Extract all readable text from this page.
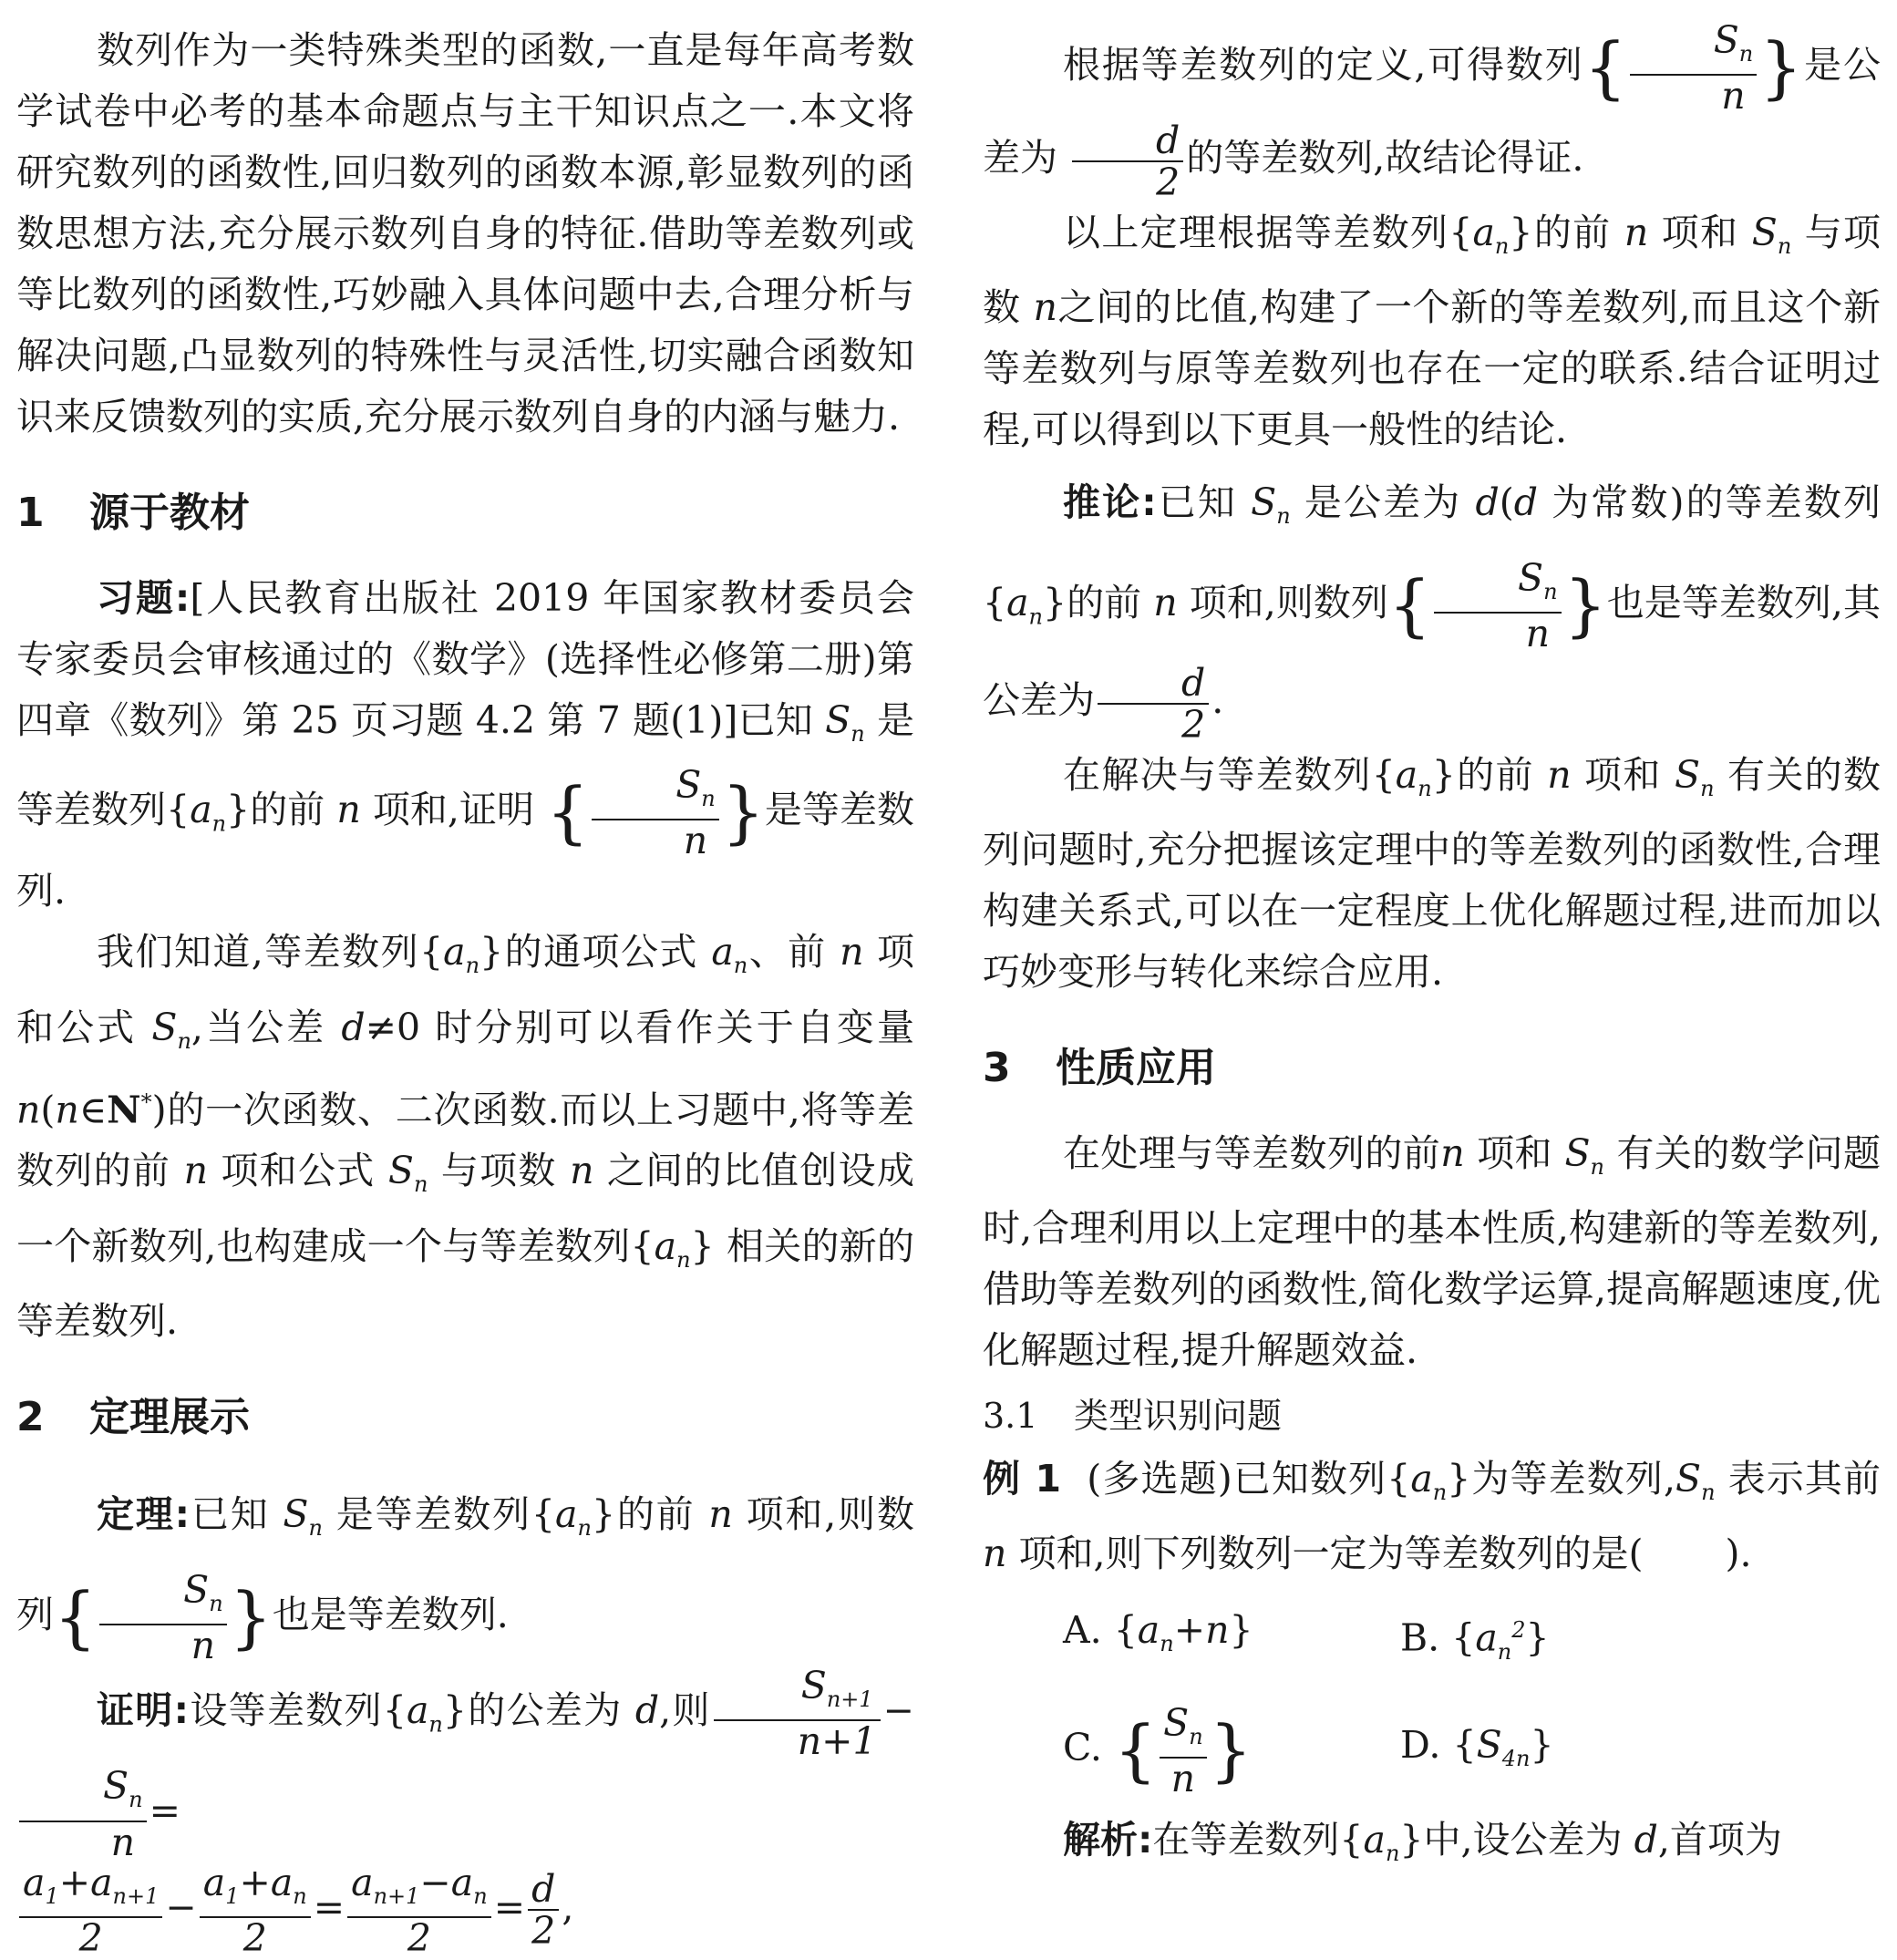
数列作为一类特殊类型的函数,一直是每年高考数学试卷中必考的基本命题点与主干知识点之一.本文将研究数列的函数性,回归数列的函数本源,彰显数列的函数思想方法,充分展示数列自身的特征.借助等差数列或等比数列的函数性,巧妙融入具体问题中去,合理分析与解决问题,凸显数列的特殊性与灵活性,切实融合函数知识来反馈数列的实质,充分展示数列自身的内涵与魅力.

1 源于教材

习题:[人民教育出版社 2019 年国家教材委员会专家委员会审核通过的《数学》(选择性必修第二册)第四章《数列》第 25 页习题 4.2 第 7 题(1)]已知 $S_n$ 是等差数列$\{a_n\}$的前 n 项和,证明 { $\frac{S_n}{n}$ }是等差数列.

我们知道,等差数列$\{a_n\}$的通项公式 $a_n$、前 n 项和公式 $S_n$,当公差 d≠0 时分别可以看作关于自变量 n(n∈N*)的一次函数、二次函数.而以上习题中,将等差数列的前 n 项和公式 $S_n$ 与项数 n 之间的比值创设成一个新数列,也构建成一个与等差数列$\{a_n\}$ 相关的新的等差数列.

2 定理展示

定理:已知 $S_n$ 是等差数列$\{a_n\}$的前 n 项和,则数列{ $\frac{S_n}{n}$ }也是等差数列.

证明:设等差数列$\{a_n\}$的公差为 d,则 $\frac{S_{n+1}}{n+1}$ −
$\frac{S_n}{n}$ =

$\frac{a_1+a_{n+1}}{2} - \frac{a_1+a_n}{2} = \frac{a_{n+1}-a_n}{2} = \frac{d}{2}$ ,

根据等差数列的定义,可得数列{ $\frac{S_n}{n}$ }是公差为 $\frac{d}{2}$ 的等差数列,故结论得证.

以上定理根据等差数列$\{a_n\}$的前 n 项和 $S_n$ 与项数 n之间的比值,构建了一个新的等差数列,而且这个新等差数列与原等差数列也存在一定的联系.结合证明过程,可以得到以下更具一般性的结论.

推论:已知 $S_n$ 是公差为 d(d 为常数)的等差数列$\{a_n\}$的前 n 项和,则数列{ $\frac{S_n}{n}$ }也是等差数列,其公差为 $\frac{d}{2}$ .

在解决与等差数列$\{a_n\}$的前 n 项和 $S_n$ 有关的数列问题时,充分把握该定理中的等差数列的函数性,合理构建关系式,可以在一定程度上优化解题过程,进而加以巧妙变形与转化来综合应用.

3 性质应用

在处理与等差数列的前n 项和 $S_n$ 有关的数学问题时,合理利用以上定理中的基本性质,构建新的等差数列,借助等差数列的函数性,简化数学运算,提高解题速度,优化解题过程,提升解题效益.

3.1 类型识别问题

例 1 (多选题)已知数列$\{a_n\}$为等差数列$,S_n$ 表示其前 n 项和,则下列数列一定为等差数列的是( ).

A. $\{a_n+n\}$	B. $\{a_n^2\}$
C. { $\frac{S_n}{n}$ }	D. $\{S_{4n}\}$

解析:在等差数列$\{a_n\}$中,设公差为 d,首项为
